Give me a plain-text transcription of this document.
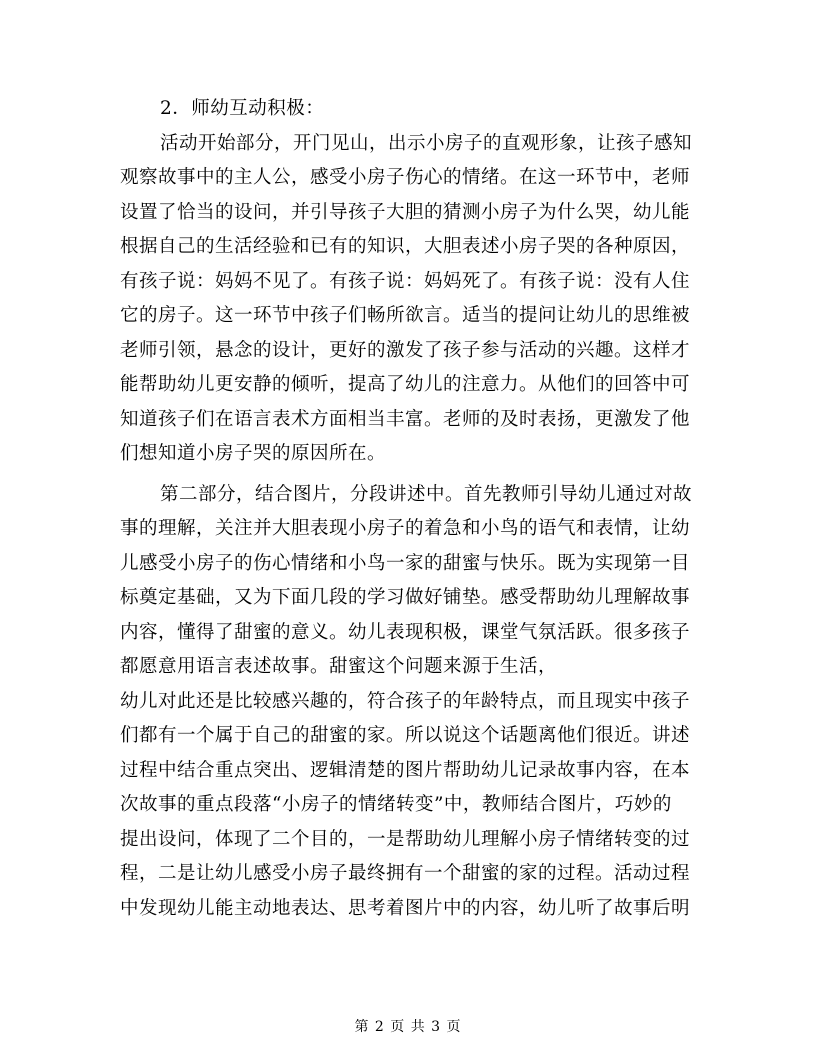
2．师幼互动积极：
活动开始部分，开门见山，出示小房子的直观形象，让孩子感知
观察故事中的主人公，感受小房子伤心的情绪。在这一环节中，老师
设置了恰当的设问，并引导孩子大胆的猜测小房子为什么哭，幼儿能
根据自己的生活经验和已有的知识，大胆表述小房子哭的各种原因，
有孩子说：妈妈不见了。有孩子说：妈妈死了。有孩子说：没有人住
它的房子。这一环节中孩子们畅所欲言。适当的提问让幼儿的思维被
老师引领，悬念的设计，更好的激发了孩子参与活动的兴趣。这样才
能帮助幼儿更安静的倾听，提高了幼儿的注意力。从他们的回答中可
知道孩子们在语言表术方面相当丰富。老师的及时表扬，更激发了他
们想知道小房子哭的原因所在。
第二部分，结合图片，分段讲述中。首先教师引导幼儿通过对故
事的理解，关注并大胆表现小房子的着急和小鸟的语气和表情，让幼
儿感受小房子的伤心情绪和小鸟一家的甜蜜与快乐。既为实现第一目
标奠定基础，又为下面几段的学习做好铺垫。感受帮助幼儿理解故事
内容，懂得了甜蜜的意义。幼儿表现积极，课堂气氛活跃。很多孩子
都愿意用语言表述故事。甜蜜这个问题来源于生活，
幼儿对此还是比较感兴趣的，符合孩子的年龄特点，而且现实中孩子
们都有一个属于自己的甜蜜的家。所以说这个话题离他们很近。讲述
过程中结合重点突出、逻辑清楚的图片帮助幼儿记录故事内容，在本
次故事的重点段落“小房子的情绪转变”中，教师结合图片，巧妙的
提出设问，体现了二个目的，一是帮助幼儿理解小房子情绪转变的过
程，二是让幼儿感受小房子最终拥有一个甜蜜的家的过程。活动过程
中发现幼儿能主动地表达、思考着图片中的内容，幼儿听了故事后明
第 2 页 共 3 页
